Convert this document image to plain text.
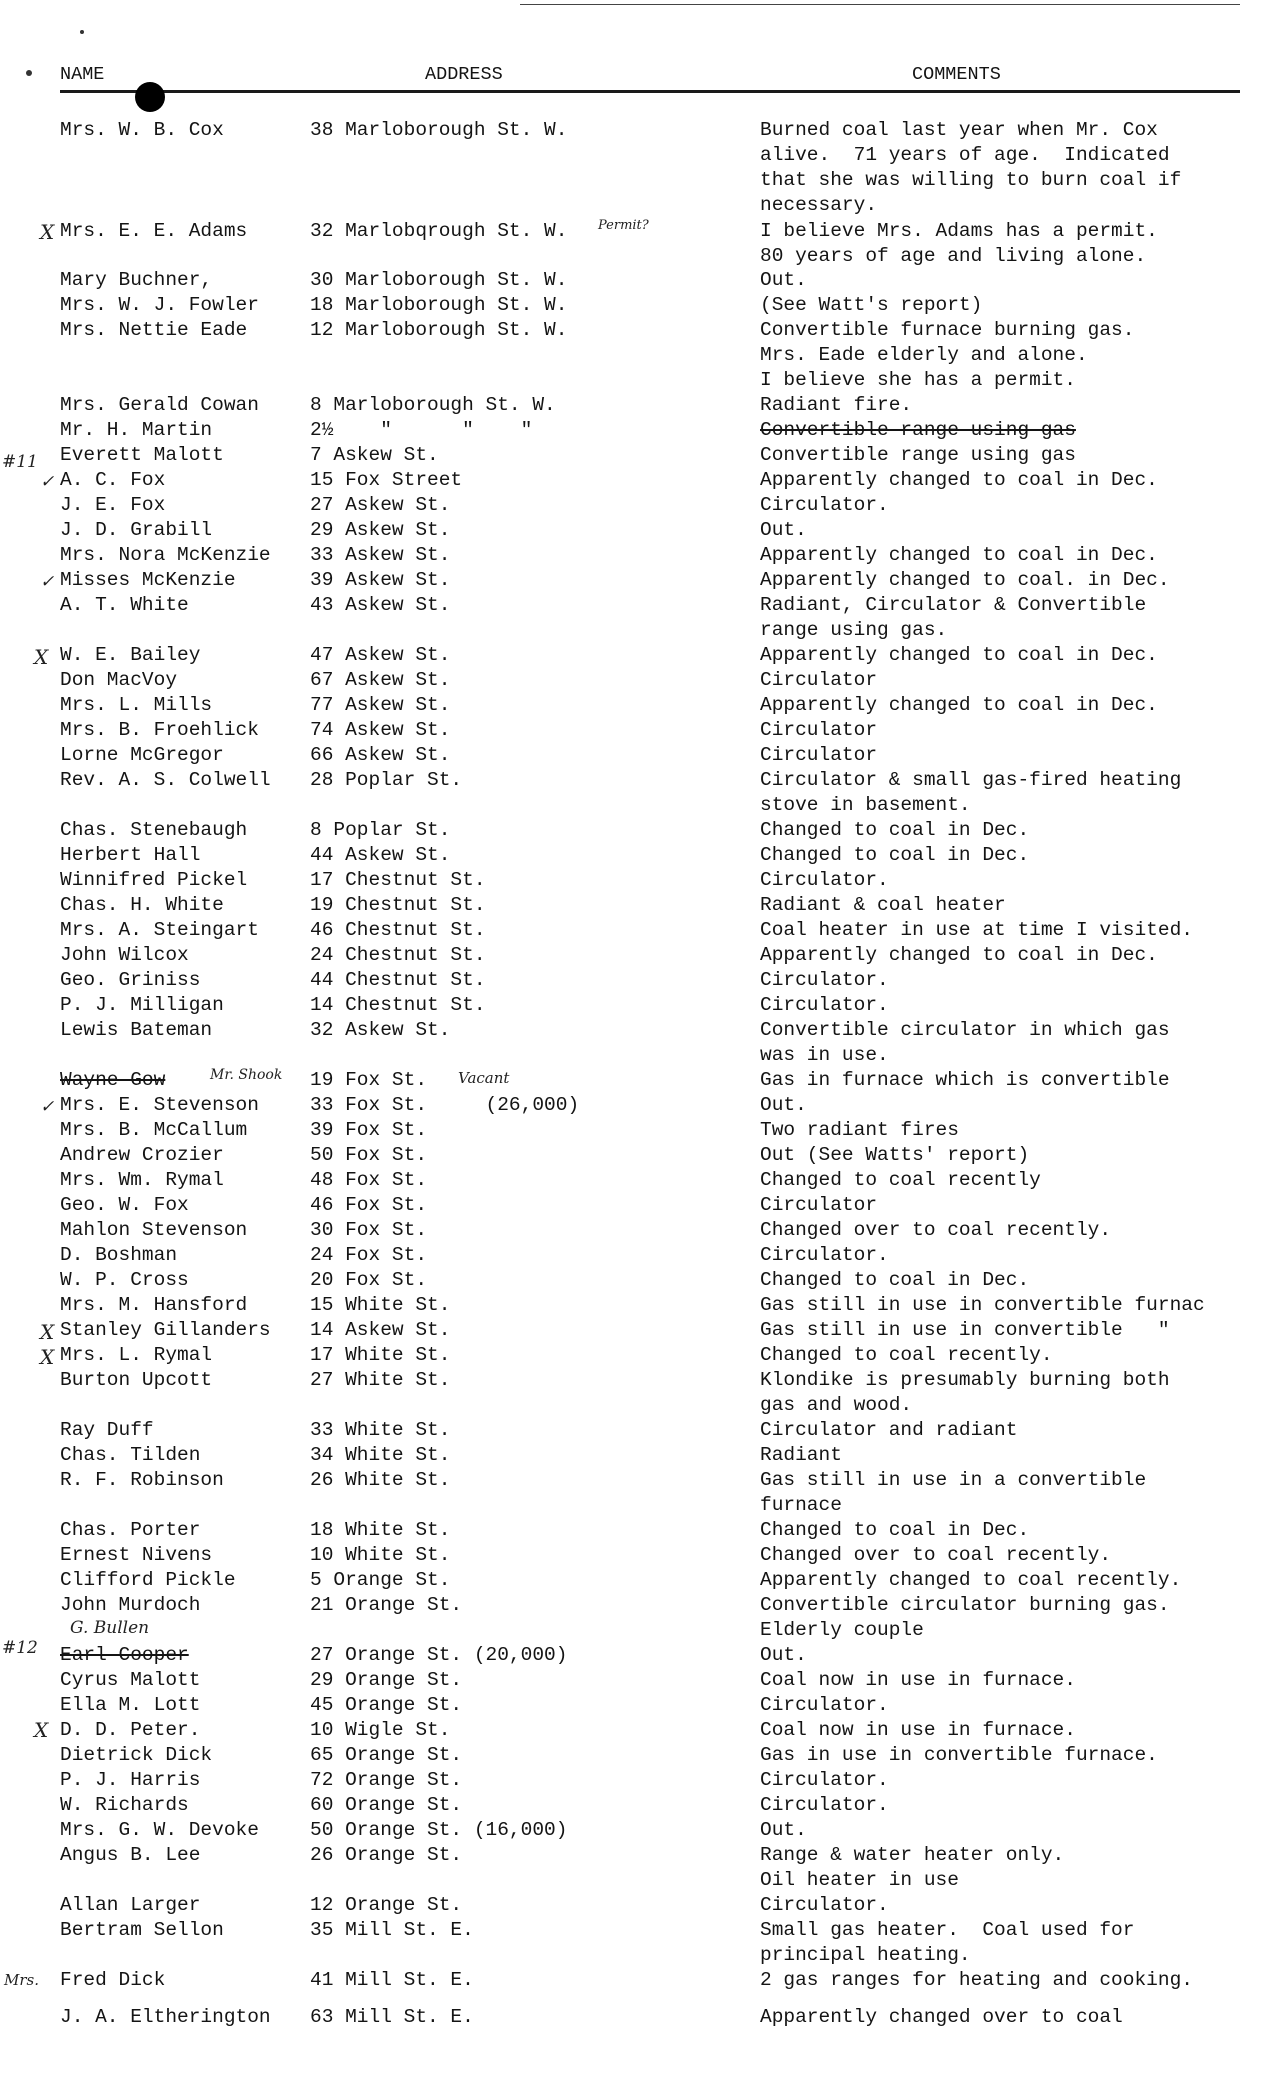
NAME	ADDRESS	COMMENTS
Mrs. W. B. Cox	38 Marloborough St. W.	Burned coal last year when Mr. Cox
alive.  71 years of age.  Indicated
that she was willing to burn coal if
necessary.
Mrs. E. E. Adams	32 Marlobqrough St. W.	I believe Mrs. Adams has a permit.
80 years of age and living alone.
Mary Buchner,	30 Marloborough St. W.	Out.
Mrs. W. J. Fowler	18 Marloborough St. W.	(See Watt's report)
Mrs. Nettie Eade	12 Marloborough St. W.	Convertible furnace burning gas.
Mrs. Eade elderly and alone.
I believe she has a permit.
Mrs. Gerald Cowan	8 Marloborough St. W.	Radiant fire.
Mr. H. Martin	2½    "      "    "	Convertible range using gas
Everett Malott	7 Askew St.	Convertible range using gas
A. C. Fox	15 Fox Street	Apparently changed to coal in Dec.
J. E. Fox	27 Askew St.	Circulator.
J. D. Grabill	29 Askew St.	Out.
Mrs. Nora McKenzie 33 Askew St.	Apparently changed to coal in Dec.
Misses McKenzie	39 Askew St.	Apparently changed to coal. in Dec.
A. T. White	43 Askew St.	Radiant, Circulator & Convertible
range using gas.
W. E. Bailey	47 Askew St.	Apparently changed to coal in Dec.
Don MacVoy	67 Askew St.	Circulator
Mrs. L. Mills	77 Askew St.	Apparently changed to coal in Dec.
Mrs. B. Froehlick	74 Askew St.	Circulator
Lorne McGregor	66 Askew St.	Circulator
Rev. A. S. Colwell 28 Poplar St.	Circulator & small gas-fired heating
stove in basement.
Chas. Stenebaugh	8 Poplar St.	Changed to coal in Dec.
Herbert Hall	44 Askew St.	Changed to coal in Dec.
Winnifred Pickel	17 Chestnut St.	Circulator.
Chas. H. White	19 Chestnut St.	Radiant & coal heater
Mrs. A. Steingart	46 Chestnut St.	Coal heater in use at time I visited.
John Wilcox	24 Chestnut St.	Apparently changed to coal in Dec.
Geo. Griniss	44 Chestnut St.	Circulator.
P. J. Milligan	14 Chestnut St.	Circulator.
Lewis Bateman	32 Askew St.	Convertible circulator in which gas
was in use.
Wayne Gow	19 Fox St.	Gas in furnace which is convertible
Mrs. E. Stevenson	33 Fox St.     (26,000)	Out.
Mrs. B. McCallum	39 Fox St.	Two radiant fires
Andrew Crozier	50 Fox St.	Out (See Watts' report)
Mrs. Wm. Rymal	48 Fox St.	Changed to coal recently
Geo. W. Fox	46 Fox St.	Circulator
Mahlon Stevenson	30 Fox St.	Changed over to coal recently.
D. Boshman	24 Fox St.	Circulator.
W. P. Cross	20 Fox St.	Changed to coal in Dec.
Mrs. M. Hansford	15 White St.	Gas still in use in convertible furnac
Stanley Gillanders 14 Askew St.	Gas still in use in convertible   "
Mrs. L. Rymal	17 White St.	Changed to coal recently.
Burton Upcott	27 White St.	Klondike is presumably burning both
gas and wood.
Ray Duff	33 White St.	Circulator and radiant
Chas. Tilden	34 White St.	Radiant
R. F. Robinson	26 White St.	Gas still in use in a convertible
furnace
Chas. Porter	18 White St.	Changed to coal in Dec.
Ernest Nivens	10 White St.	Changed over to coal recently.
Clifford Pickle	5 Orange St.	Apparently changed to coal recently.
John Murdoch	21 Orange St.	Convertible circulator burning gas.
Elderly couple
Earl Cooper	27 Orange St. (20,000)	Out.
Cyrus Malott	29 Orange St.	Coal now in use in furnace.
Ella M. Lott	45 Orange St.	Circulator.
D. D. Peter.	10 Wigle St.	Coal now in use in furnace.
Dietrick Dick	65 Orange St.	Gas in use in convertible furnace.
P. J. Harris	72 Orange St.	Circulator.
W. Richards	60 Orange St.	Circulator.
Mrs. G. W. Devoke	50 Orange St. (16,000)	Out.
Angus B. Lee	26 Orange St.	Range & water heater only.
Oil heater in use
Allan Larger	12 Orange St.	Circulator.
Bertram Sellon	35 Mill St. E.	Small gas heater.  Coal used for
principal heating.
Fred Dick	41 Mill St. E.	2 gas ranges for heating and cooking.
J. A. Eltherington 63 Mill St. E.	Apparently changed over to coal
Permit?
X
#11
✓
✓
X
Mr. Shook	Vacant
✓
X
X
G. Bullen
#12
X
Mrs.
